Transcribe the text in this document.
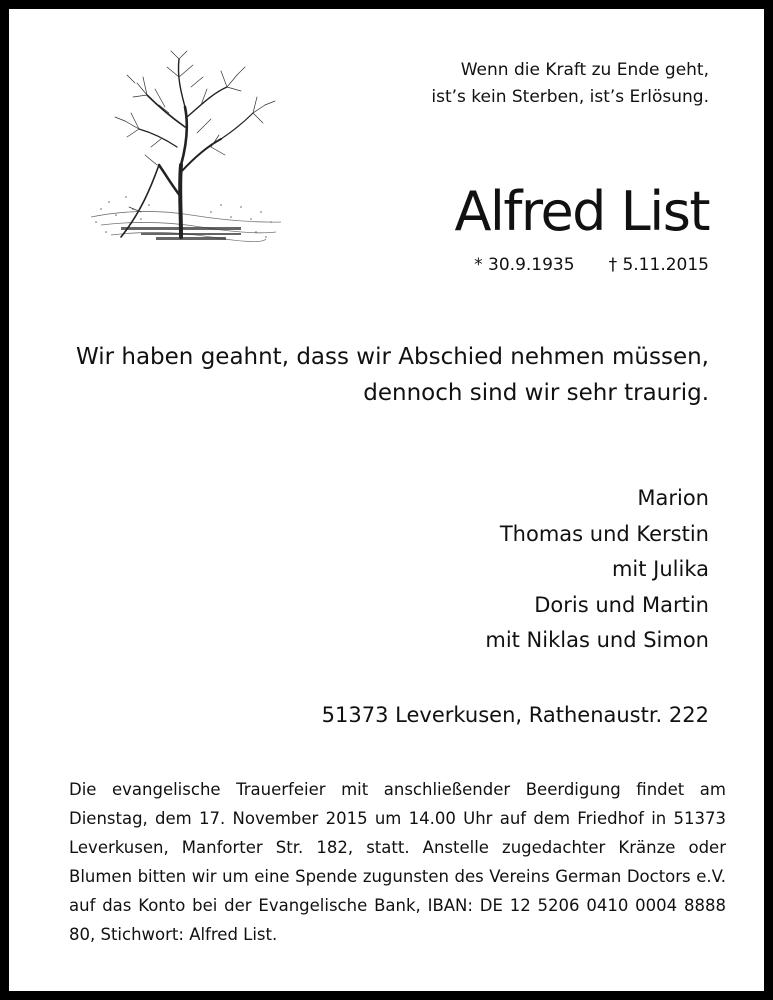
Wenn die Kraft zu Ende geht,
ist’s kein Sterben, ist’s Erlösung.
Alfred List
* 30.9.1935 † 5.11.2015
Wir haben geahnt, dass wir Abschied nehmen müssen,
dennoch sind wir sehr traurig.
Marion
Thomas und Kerstin
mit Julika
Doris und Martin
mit Niklas und Simon
51373 Leverkusen, Rathenaustr. 222

Die evangelische Trauerfeier mit anschließender Beerdigung findet am Dienstag, dem 17. November 2015 um 14.00 Uhr auf dem Friedhof in 51373 Leverkusen, Manforter Str. 182, statt. Anstelle zugedachter Kränze oder Blumen bitten wir um eine Spende zugunsten des Vereins German Doctors e.V. auf das Konto bei der Evangelische Bank, IBAN: DE 12 5206 0410 0004 8888 80, Stichwort: Alfred List.
